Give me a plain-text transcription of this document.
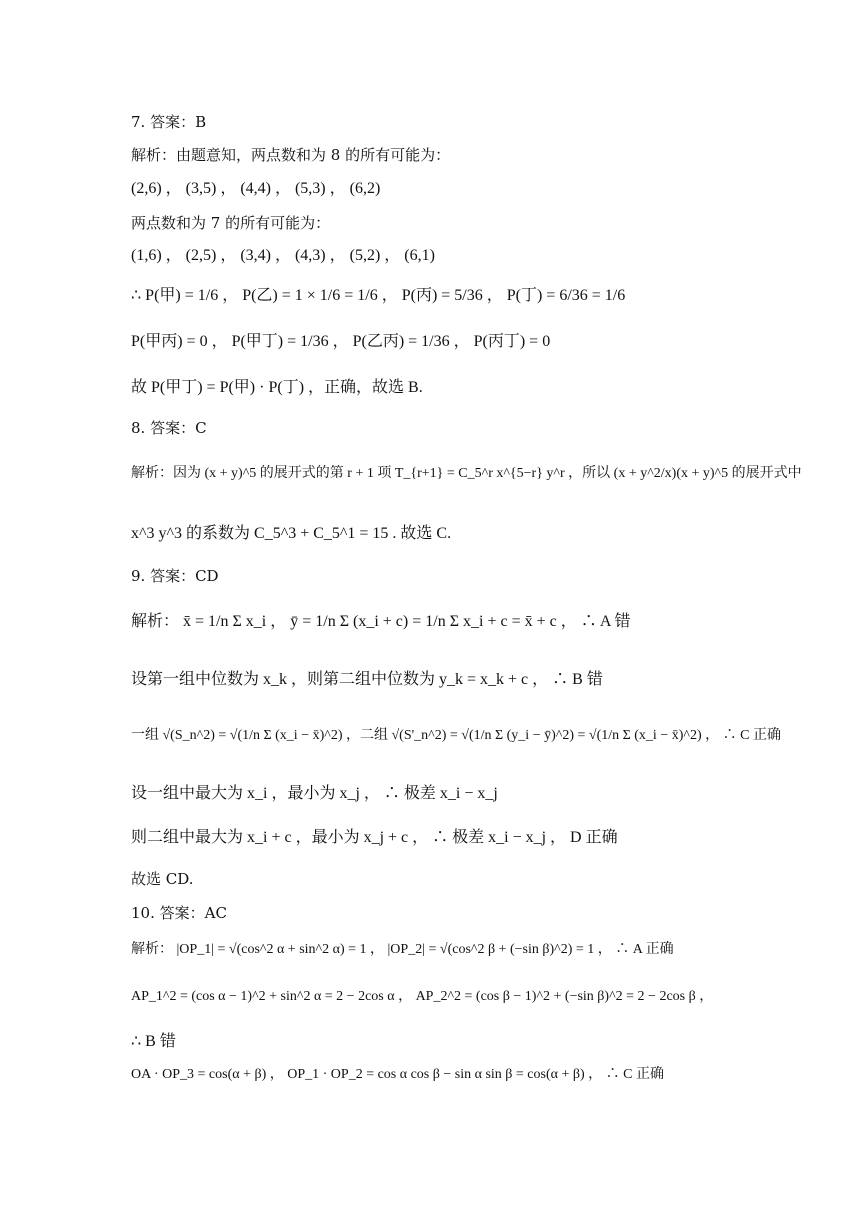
7. 答案：B
解析：由题意知，两点数和为 8 的所有可能为：
(2,6) ， (3,5) ， (4,4) ， (5,3) ， (6,2)
两点数和为 7 的所有可能为：
(1,6) ， (2,5) ， (3,4) ， (4,3) ， (5,2) ， (6,1)
∴ P(甲) = 1/6 ， P(乙) = 1 × 1/6 = 1/6 ， P(丙) = 5/36 ， P(丁) = 6/36 = 1/6
P(甲丙) = 0 ， P(甲丁) = 1/36 ， P(乙丙) = 1/36 ， P(丙丁) = 0
故 P(甲丁) = P(甲) · P(丁) ，正确，故选 B.
8. 答案：C
解析：因为 (x + y)^5 的展开式的第 r + 1 项 T_{r+1} = C_5^r x^{5−r} y^r ，所以 (x + y^2/x)(x + y)^5 的展开式中
x^3 y^3 的系数为 C_5^3 + C_5^1 = 15 . 故选 C.
9. 答案：CD
解析： x̄ = 1/n Σ x_i ， ȳ = 1/n Σ (x_i + c) = 1/n Σ x_i + c = x̄ + c ， ∴ A 错
设第一组中位数为 x_k ，则第二组中位数为 y_k = x_k + c ， ∴ B 错
一组 √(S_n^2) = √(1/n Σ (x_i − x̄)^2) ，二组 √(S'_n^2) = √(1/n Σ (y_i − ȳ)^2) = √(1/n Σ (x_i − x̄)^2) ， ∴ C 正确
设一组中最大为 x_i ，最小为 x_j ， ∴ 极差 x_i − x_j
则二组中最大为 x_i + c ，最小为 x_j + c ， ∴ 极差 x_i − x_j ， D 正确
故选 CD.
10. 答案：AC
解析： |OP_1| = √(cos^2 α + sin^2 α) = 1 ， |OP_2| = √(cos^2 β + (−sin β)^2) = 1 ， ∴ A 正确
AP_1^2 = (cos α − 1)^2 + sin^2 α = 2 − 2cos α ， AP_2^2 = (cos β − 1)^2 + (−sin β)^2 = 2 − 2cos β ，
∴ B 错
OA · OP_3 = cos(α + β) ， OP_1 · OP_2 = cos α cos β − sin α sin β = cos(α + β) ， ∴ C 正确
